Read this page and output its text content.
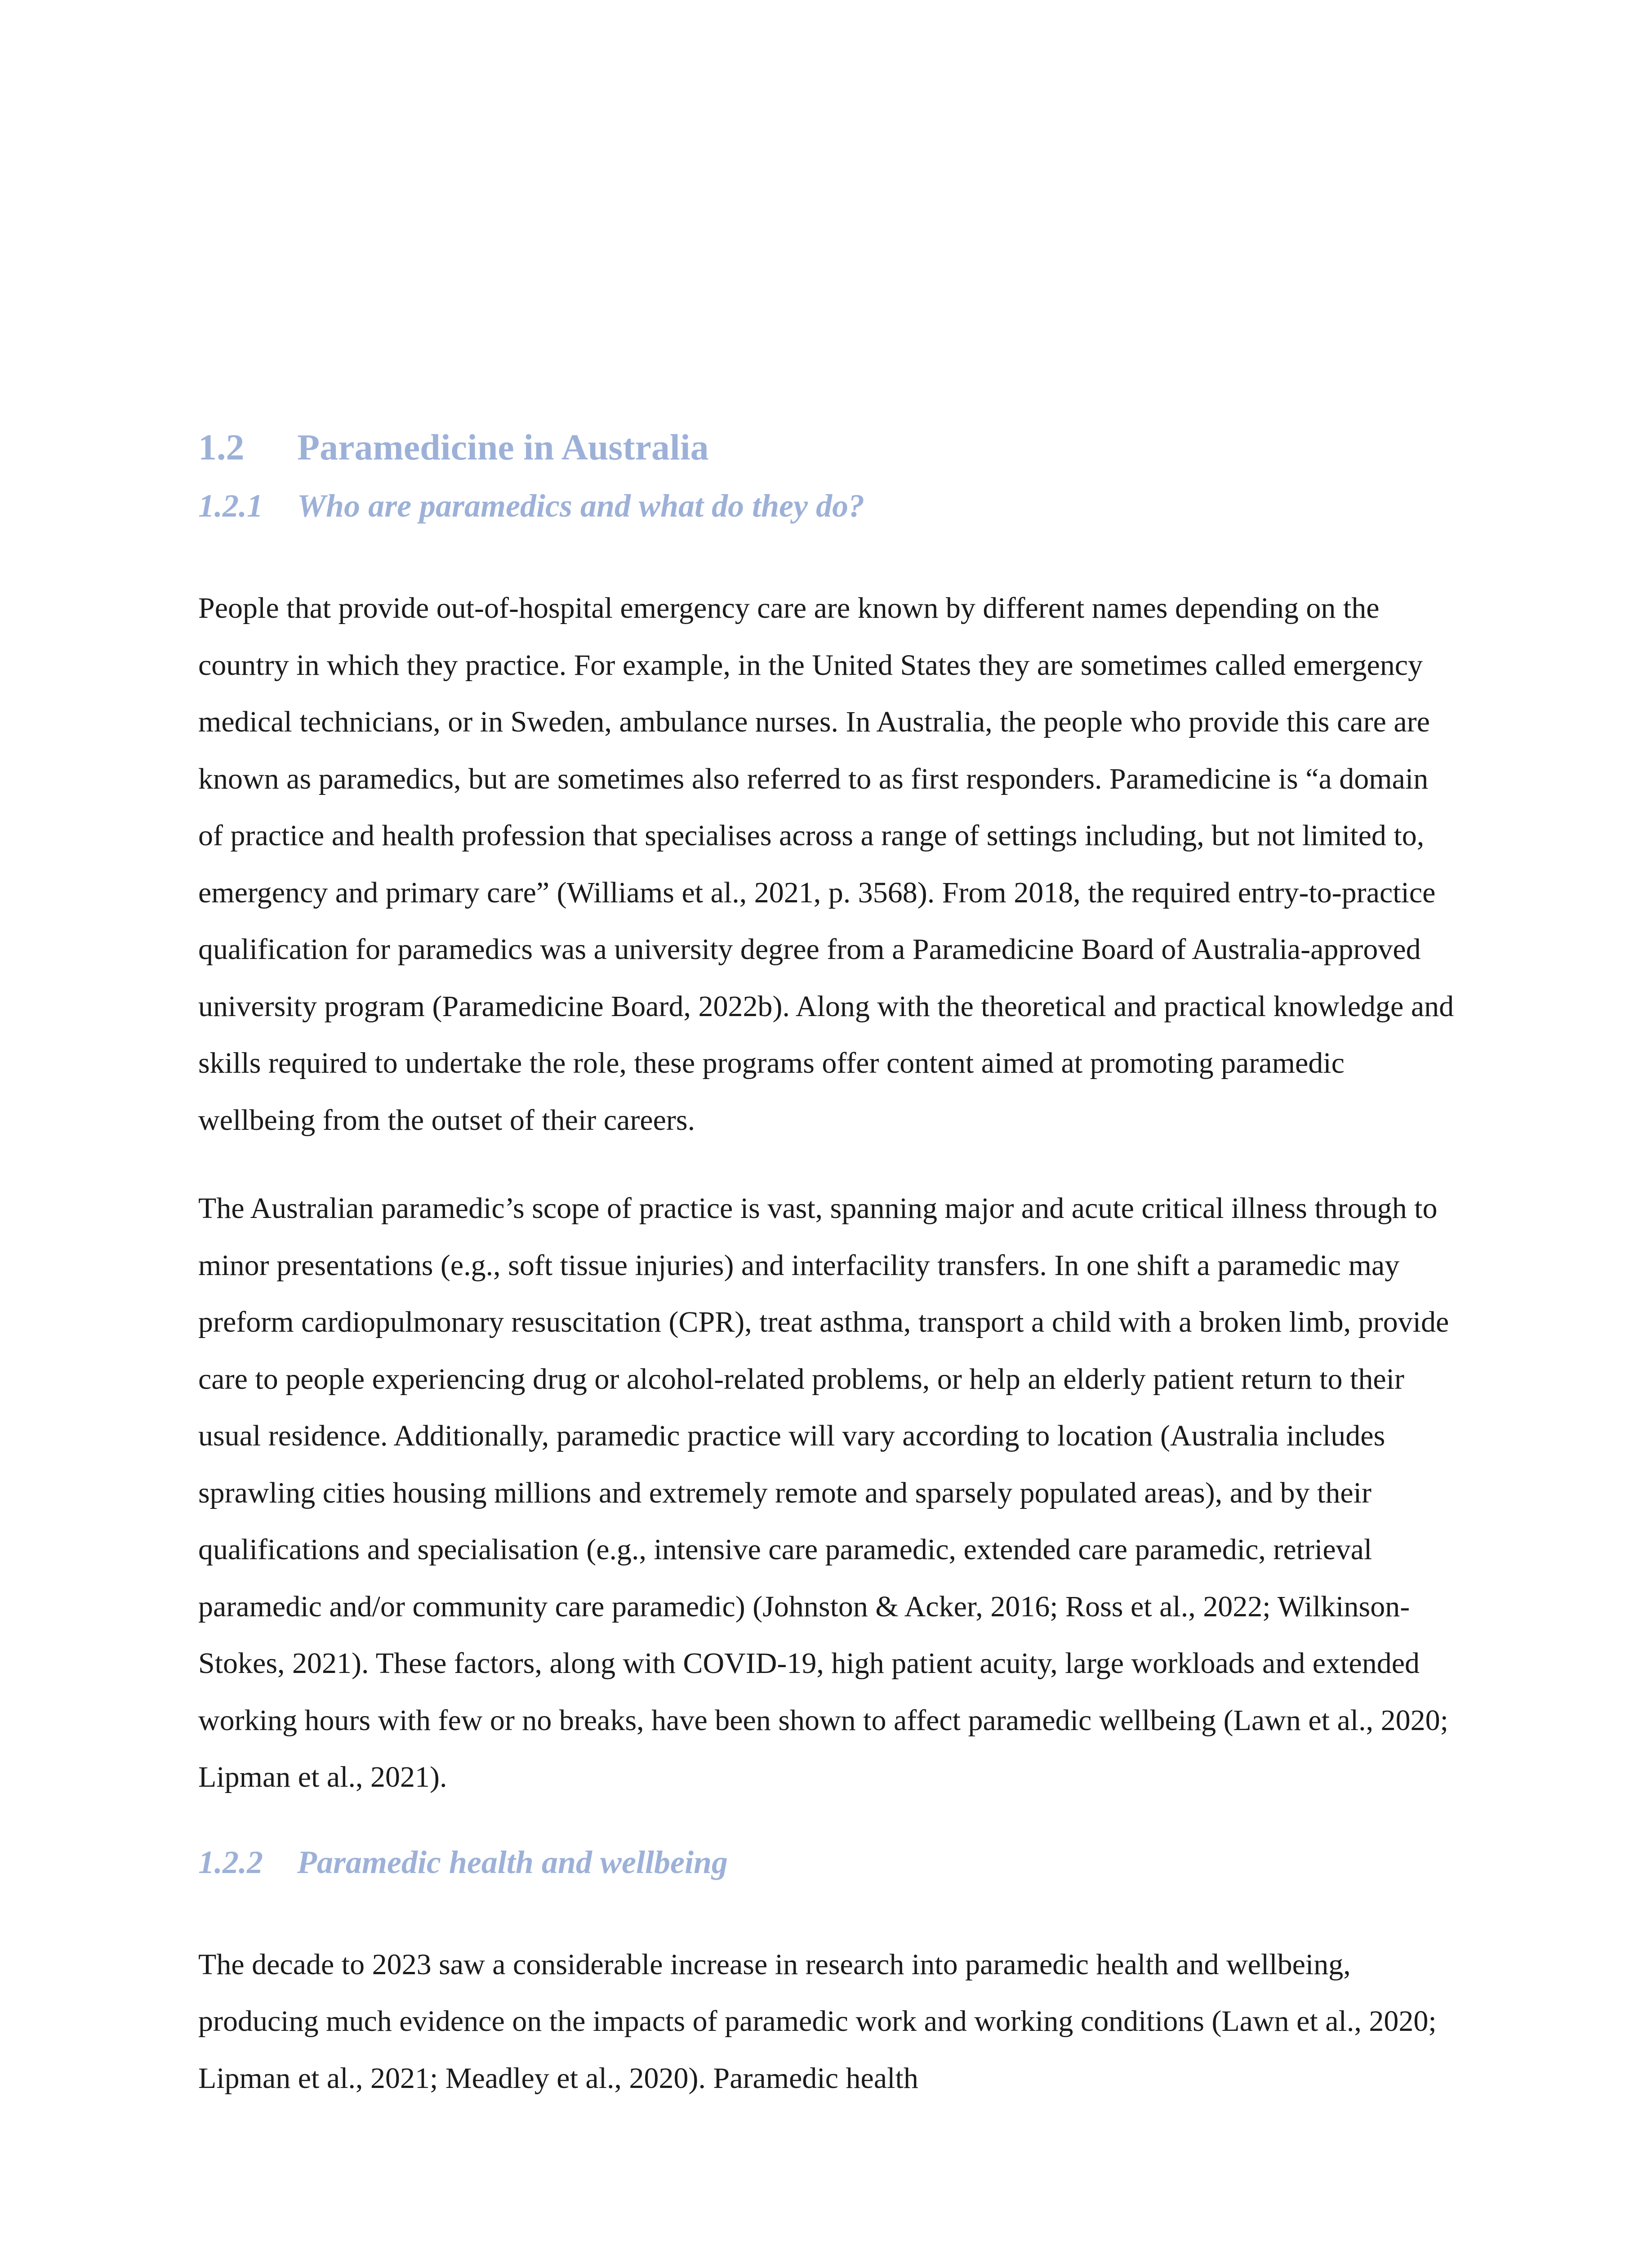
1.2 Paramedicine in Australia
1.2.1 Who are paramedics and what do they do?

People that provide out-of-hospital emergency care are known by different names depending on the country in which they practice. For example, in the United States they are sometimes called emergency medical technicians, or in Sweden, ambulance nurses. In Australia, the people who provide this care are known as paramedics, but are sometimes also referred to as first responders. Paramedicine is “a domain of practice and health profession that specialises across a range of settings including, but not limited to, emergency and primary care” (Williams et al., 2021, p. 3568). From 2018, the required entry-to-practice qualification for paramedics was a university degree from a Paramedicine Board of Australia-approved university program (Paramedicine Board, 2022b). Along with the theoretical and practical knowledge and skills required to undertake the role, these programs offer content aimed at promoting paramedic wellbeing from the outset of their careers.

The Australian paramedic’s scope of practice is vast, spanning major and acute critical illness through to minor presentations (e.g., soft tissue injuries) and interfacility transfers. In one shift a paramedic may preform cardiopulmonary resuscitation (CPR), treat asthma, transport a child with a broken limb, provide care to people experiencing drug or alcohol-related problems, or help an elderly patient return to their usual residence. Additionally, paramedic practice will vary according to location (Australia includes sprawling cities housing millions and extremely remote and sparsely populated areas), and by their qualifications and specialisation (e.g., intensive care paramedic, extended care paramedic, retrieval paramedic and/or community care paramedic) (Johnston & Acker, 2016; Ross et al., 2022; Wilkinson-Stokes, 2021). These factors, along with COVID-19, high patient acuity, large workloads and extended working hours with few or no breaks, have been shown to affect paramedic wellbeing (Lawn et al., 2020; Lipman et al., 2021).

1.2.2 Paramedic health and wellbeing

The decade to 2023 saw a considerable increase in research into paramedic health and wellbeing, producing much evidence on the impacts of paramedic work and working conditions (Lawn et al., 2020; Lipman et al., 2021; Meadley et al., 2020). Paramedic health
